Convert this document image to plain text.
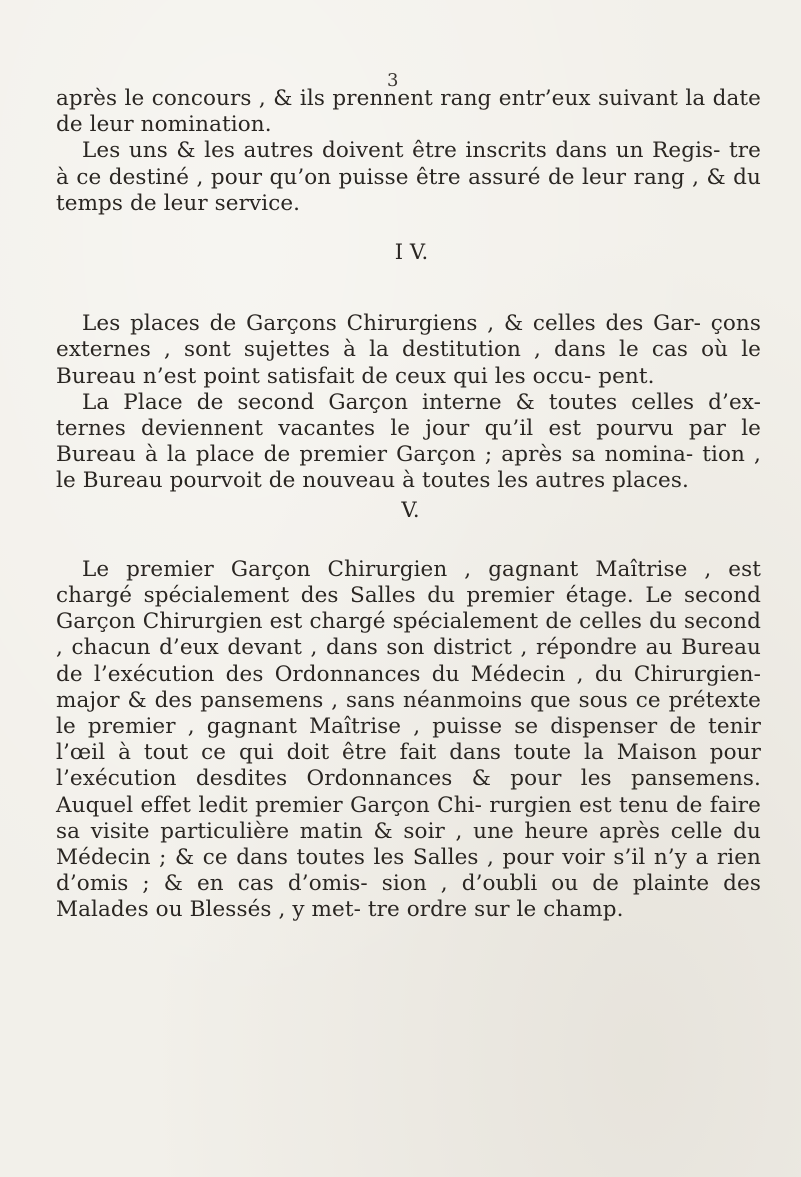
3

après le concours , & ils prennent rang entr’eux suivant la date de leur nomination.

Les uns & les autres doivent être inscrits dans un Regis- tre à ce destiné , pour qu’on puisse être assuré de leur rang , & du temps de leur service.

I V.

Les places de Garçons Chirurgiens , & celles des Gar- çons externes , sont sujettes à la destitution , dans le cas où le Bureau n’est point satisfait de ceux qui les occu- pent.

La Place de second Garçon interne & toutes celles d’ex- ternes deviennent vacantes le jour qu’il est pourvu par le Bureau à la place de premier Garçon ; après sa nomina- tion , le Bureau pourvoit de nouveau à toutes les autres places.

V.

Le premier Garçon Chirurgien , gagnant Maîtrise , est chargé spécialement des Salles du premier étage. Le second Garçon Chirurgien est chargé spécialement de celles du second , chacun d’eux devant , dans son district , répondre au Bureau de l’exécution des Ordonnances du Médecin , du Chirurgien-major & des pansemens , sans néanmoins que sous ce prétexte le premier , gagnant Maîtrise , puisse se dispenser de tenir l’œil à tout ce qui doit être fait dans toute la Maison pour l’exécution desdites Ordonnances & pour les pansemens. Auquel effet ledit premier Garçon Chi- rurgien est tenu de faire sa visite particulière matin & soir , une heure après celle du Médecin ; & ce dans toutes les Salles , pour voir s’il n’y a rien d’omis ; & en cas d’omis- sion , d’oubli ou de plainte des Malades ou Blessés , y met- tre ordre sur le champ.
